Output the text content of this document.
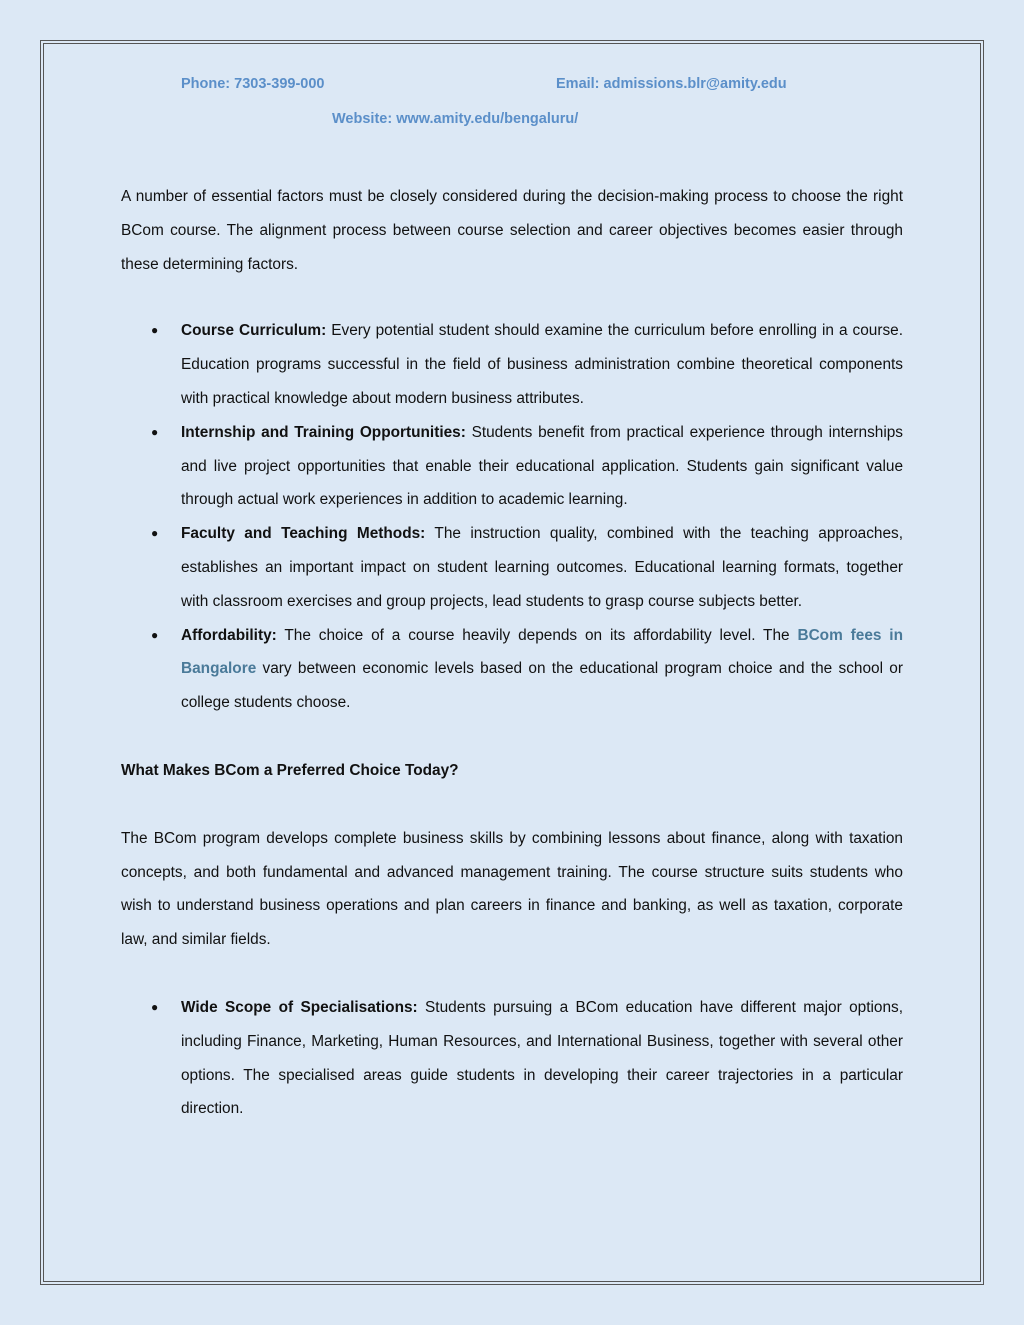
Phone: 7303-399-000	Email: admissions.blr@amity.edu
Website: www.amity.edu/bengaluru/

A number of essential factors must be closely considered during the decision-making process to choose the right BCom course. The alignment process between course selection and career objectives becomes easier through these determining factors.

● Course Curriculum: Every potential student should examine the curriculum before enrolling in a course. Education programs successful in the field of business administration combine theoretical components with practical knowledge about modern business attributes.
● Internship and Training Opportunities: Students benefit from practical experience through internships and live project opportunities that enable their educational application. Students gain significant value through actual work experiences in addition to academic learning.
● Faculty and Teaching Methods: The instruction quality, combined with the teaching approaches, establishes an important impact on student learning outcomes. Educational learning formats, together with classroom exercises and group projects, lead students to grasp course subjects better.
● Affordability: The choice of a course heavily depends on its affordability level. The BCom fees in Bangalore vary between economic levels based on the educational program choice and the school or college students choose.
What Makes BCom a Preferred Choice Today?

The BCom program develops complete business skills by combining lessons about finance, along with taxation concepts, and both fundamental and advanced management training. The course structure suits students who wish to understand business operations and plan careers in finance and banking, as well as taxation, corporate law, and similar fields.

● Wide Scope of Specialisations: Students pursuing a BCom education have different major options, including Finance, Marketing, Human Resources, and International Business, together with several other options. The specialised areas guide students in developing their career trajectories in a particular direction.
